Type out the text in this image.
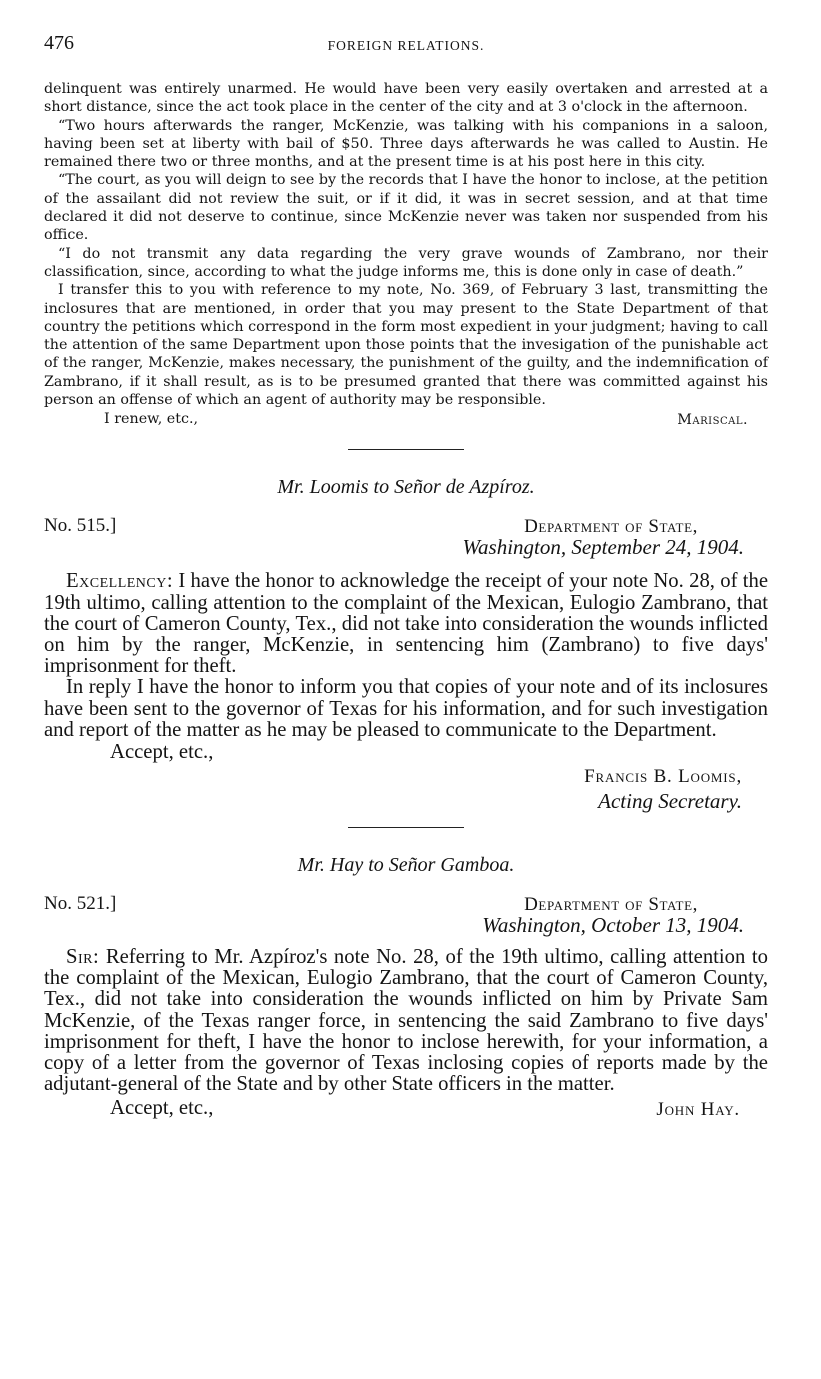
476	FOREIGN RELATIONS.

delinquent was entirely unarmed. He would have been very easily overtaken and arrested at a short distance, since the act took place in the center of the city and at 3 o'clock in the afternoon.

“Two hours afterwards the ranger, McKenzie, was talking with his companions in a saloon, having been set at liberty with bail of $50. Three days afterwards he was called to Austin. He remained there two or three months, and at the present time is at his post here in this city.

“The court, as you will deign to see by the records that I have the honor to inclose, at the petition of the assailant did not review the suit, or if it did, it was in secret session, and at that time declared it did not deserve to continue, since McKenzie never was taken nor suspended from his office.

“I do not transmit any data regarding the very grave wounds of Zambrano, nor their classification, since, according to what the judge informs me, this is done only in case of death.”

I transfer this to you with reference to my note, No. 369, of February 3 last, transmitting the inclosures that are mentioned, in order that you may present to the State Department of that country the petitions which correspond in the form most expedient in your judgment; having to call the attention of the same Department upon those points that the invesigation of the punishable act of the ranger, McKenzie, makes necessary, the punishment of the guilty, and the indemnification of Zambrano, if it shall result, as is to be presumed granted that there was committed against his person an offense of which an agent of authority may be responsible.

I renew, etc.,	Mariscal.
Mr. Loomis to Señor de Azpíroz.
No. 515.]	Department of State,
Washington, September 24, 1904.

Excellency: I have the honor to acknowledge the receipt of your note No. 28, of the 19th ultimo, calling attention to the complaint of the Mexican, Eulogio Zambrano, that the court of Cameron County, Tex., did not take into consideration the wounds inflicted on him by the ranger, McKenzie, in sentencing him (Zambrano) to five days' imprisonment for theft.

In reply I have the honor to inform you that copies of your note and of its inclosures have been sent to the governor of Texas for his information, and for such investigation and report of the matter as he may be pleased to communicate to the Department.

Accept, etc.,
Francis B. Loomis,
Acting Secretary.
Mr. Hay to Señor Gamboa.
No. 521.]	Department of State,
Washington, October 13, 1904.

Sir: Referring to Mr. Azpíroz's note No. 28, of the 19th ultimo, calling attention to the complaint of the Mexican, Eulogio Zambrano, that the court of Cameron County, Tex., did not take into consideration the wounds inflicted on him by Private Sam McKenzie, of the Texas ranger force, in sentencing the said Zambrano to five days' imprisonment for theft, I have the honor to inclose herewith, for your information, a copy of a letter from the governor of Texas inclosing copies of reports made by the adjutant-general of the State and by other State officers in the matter.

Accept, etc.,	John Hay.
